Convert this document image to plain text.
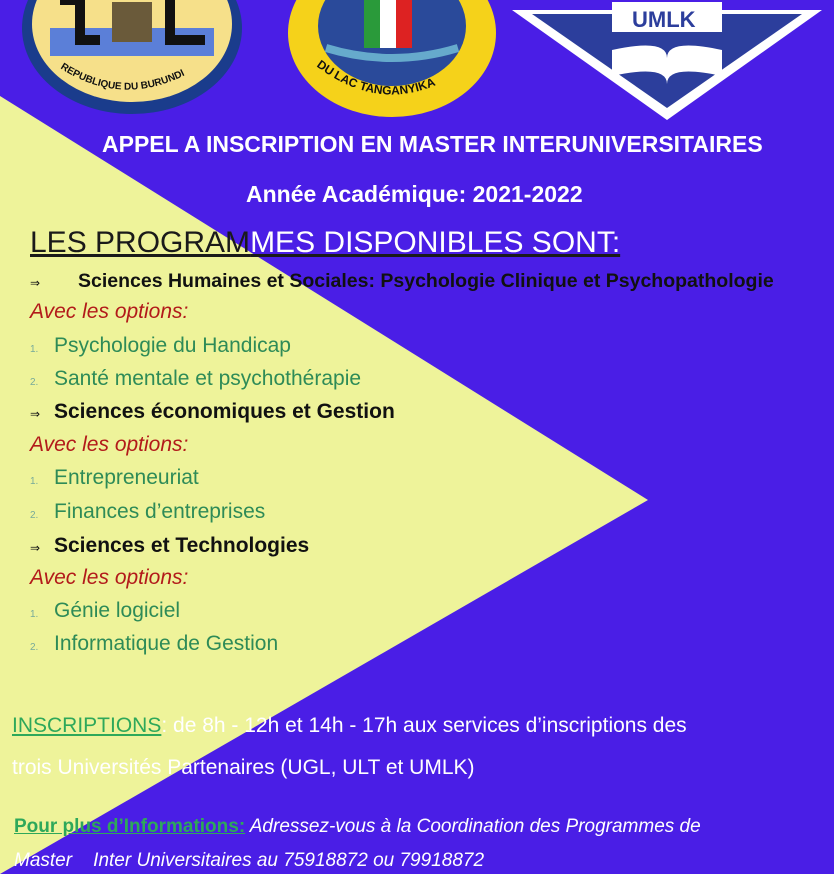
REPUBLIQUE DU BURUNDI	DU LAC TANGANYIKA
UMLK
APPEL A INSCRIPTION EN MASTER INTERUNIVERSITAIRES
Année Académique: 2021-2022
LES PROGRAMMES DISPONIBLES SONT:
⇒ Sciences Humaines et Sociales: Psychologie Clinique et Psychopathologie
Avec les options:
1. Psychologie du Handicap
2. Santé mentale et psychothérapie
⇒ Sciences économiques et Gestion
Avec les options:
1. Entrepreneuriat
2. Finances d’entreprises
⇒ Sciences et Technologies
Avec les options:
1. Génie logiciel
2. Informatique de Gestion
INSCRIPTIONS: de 8h - 12h et 14h - 17h aux services d’inscriptions des
trois Universités Partenaires (UGL, ULT et UMLK)
Pour plus d’Informations: Adressez-vous à la Coordination des Programmes de
Master    Inter Universitaires au 75918872 ou 79918872
